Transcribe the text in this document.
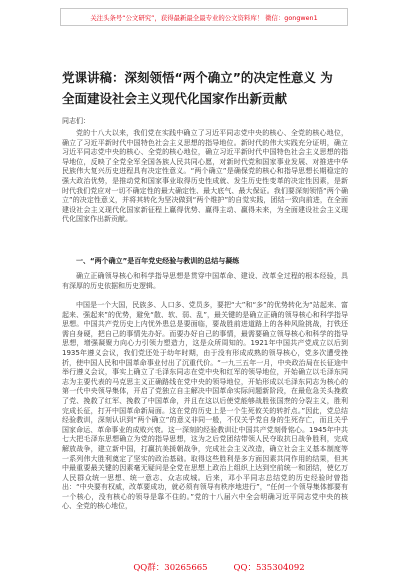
关注头条号“公文研究”，获得最新最全最专业的公文资料库！ 微信：gongwen1
党课讲稿：深刻领悟“两个确立”的决定性意义 为
全面建设社会主义现代化国家作出新贡献
同志们：

党的十八大以来，我们党在实践中确立了习近平同志党中央的核心、全党的核心地位，确立了习近平新时代中国特色社会主义思想的指导地位。新时代的伟大实践充分证明，确立习近平同志党中央的核心、全党的核心地位，确立习近平新时代中国特色社会主义思想的指导地位，反映了全党全军全国各族人民共同心愿，对新时代党和国家事业发展、对推进中华民族伟大复兴历史进程具有决定性意义。“两个确立”是确保党的核心和指导思想长期稳定的强大政治优势，是推动党和国家事业取得历史性成就、发生历史性变革的决定性因素，是新时代我们党应对一切不确定性的最大确定性、最大底气、最大保证。我们要深刻领悟“两个确立”的决定性意义，并将其转化为坚决做到“两个维护”的自觉实践，团结一致向前进，在全面建设社会主义现代化国家新征程上赢得优势、赢得主动、赢得未来，为全面建设社会主义现代化国家作出新贡献。

一、“两个确立”是百年党史经验与教训的总结与凝练

确立正确领导核心和科学指导思想是贯穿中国革命、建设、改革全过程的根本经验，具有深厚的历史依据和历史逻辑。

中国是一个大国，民族多、人口多、党员多，要把“大”和“多”的优势转化为“站起来、富起来、强起来”的优势，避免“散、软、弱、乱”，最关键的是确立正确的领导核心和科学指导思想。中国共产党历史上内忧外患总是要面临，要战胜前进道路上的各种风险挑战，打铁还需自身硬，把自己的事情先办好。而要办好自己的事情，最需要确立领导核心和科学的指导思想，增强凝聚力向心力引领力塑造力，这是众所周知的。1921年中国共产党成立以后到1935年遵义会议，我们党还处于幼年时期，由于没有形成成熟的领导核心，党多次遭受挫折，使中国人民和中国革命事业付出了沉重代价。“一九三五年一月，中央政治局在长征途中举行遵义会议，事实上确立了毛泽东同志在党中央和红军的领导地位，开始确立以毛泽东同志为主要代表的马克思主义正确路线在党中央的领导地位，开始形成以毛泽东同志为核心的第一代中央领导集体，开启了党独立自主解决中国革命实际问题新阶段，在最危急关头挽救了党、挽救了红军、挽救了中国革命，并且在这以后使党能够战胜张国焘的分裂主义，胜利完成长征，打开中国革命新局面。这在党的历史上是一个生死攸关的转折点。”因此，党总结经验教训，深刻认识到“两个确立”的意义非同一般，不仅关乎党自身的生死存亡，而且关乎国家命运、革命事业的成败兴衰。这一深刻的经验教训让中国共产党刻骨铭心。1945年中共七大把毛泽东思想确立为党的指导思想，这为之后党团结带领人民夺取抗日战争胜利，完成解放战争，建立新中国，打赢抗美援朝战争，完成社会主义改造，确立社会主义基本制度等一系列伟大胜利奠定了坚实的政治基础。取得这些胜利是多方面因素共同作用的结果，但其中最重要最关键的因素毫无疑问是全党在思想上政治上组织上达到空前统一和团结，使亿万人民群众统一思想、统一意志、众志成城。后来，邓小平同志总结党的历史经验时曾指出：“中央要有权威，改革要成功，就必须有领导有秩序地进行”，“任何一个领导集体都要有一个核心，没有核心的领导是靠不住的。”党的十八届六中全会明确习近平同志党中央的核心、全党的核心地位，

QQ群：30265665	QQ：535304092
